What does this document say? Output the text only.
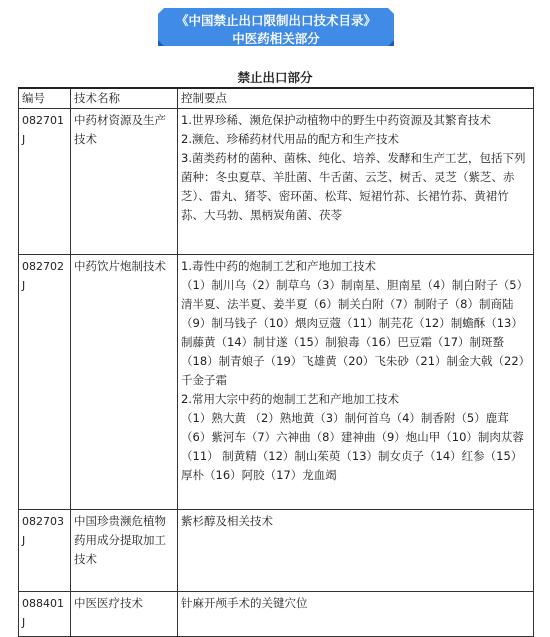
《中国禁止出口限制出口技术目录》
中医药相关部分
禁止出口部分
编号	技术名称	控制要点
082701J	中药材资源及生产技术	1.世界珍稀、濒危保护动植物中的野生中药资源及其繁育技术
2.濒危、珍稀药材代用品的配方和生产技术
3.菌类药材的菌种、菌株、纯化、培养、发酵和生产工艺，包括下列菌种：冬虫夏草、羊肚菌、牛舌菌、云芝、树舌、灵芝（紫芝、赤芝）、雷丸、猪苓、密环菌、松茸、短裙竹荪、长裙竹荪、黄裙竹荪、大马勃、黑柄炭角菌、茯苓

082702J	中药饮片炮制技术	1.毒性中药的炮制工艺和产地加工技术
（1）制川乌（2）制草乌（3）制南星、胆南星（4）制白附子（5）清半夏、法半夏、姜半夏（6）制关白附（7）制附子（8）制商陆（9）制马钱子（10）煨肉豆蔻（11）制芫花（12）制蟾酥（13）制藤黄（14）制甘遂（15）制狼毒（16）巴豆霜（17）制斑蝥（18）制青娘子（19）飞雄黄（20）飞朱砂（21）制金大戟（22）千金子霜
2.常用大宗中药的炮制工艺和产地加工技术
（1）熟大黄 （2）熟地黄（3）制何首乌（4）制香附（5）鹿茸（6）紫河车（7）六神曲（8）建神曲（9）炮山甲（10）制肉苁蓉（11） 制黄精（12）制山茱萸（13）制女贞子（14）红参（15）厚朴（16）阿胶（17）龙血竭

082703J	中国珍贵濒危植物药用成分提取加工技术	紫杉醇及相关技术

088401J	中医医疗技术	针麻开颅手术的关键穴位
